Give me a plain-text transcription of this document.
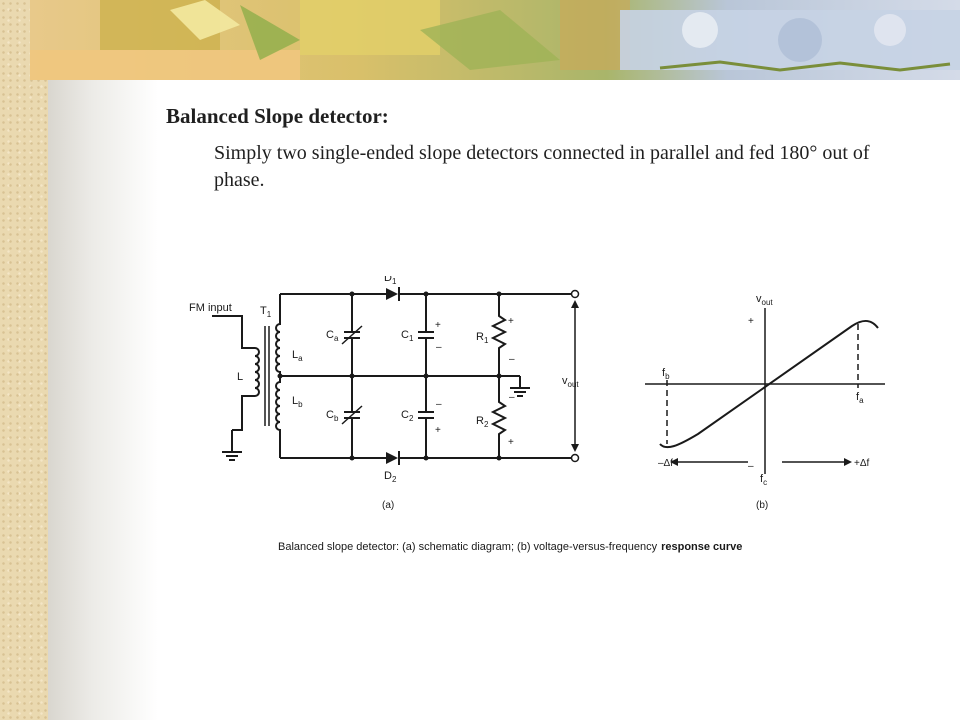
Balanced Slope detector:

Simply two single-ended slope detectors connected in parallel and fed 180° out of phase.

FM input
L
$T_1$
$L_a$
$L_b$
$D_1$
$D_2$
$C_a$
$C_b$
$C_1$
+
–
$C_2$
–
+
$R_1$
+
–
$R_2$
–
+
$v_{out}$
(a)
$v_{out}$
+
–
$f_b$
$f_a$
–Δf	+Δf
$f_c$
(b)
Balanced slope detector: (a) schematic diagram; (b) voltage-versus-frequency response curve
